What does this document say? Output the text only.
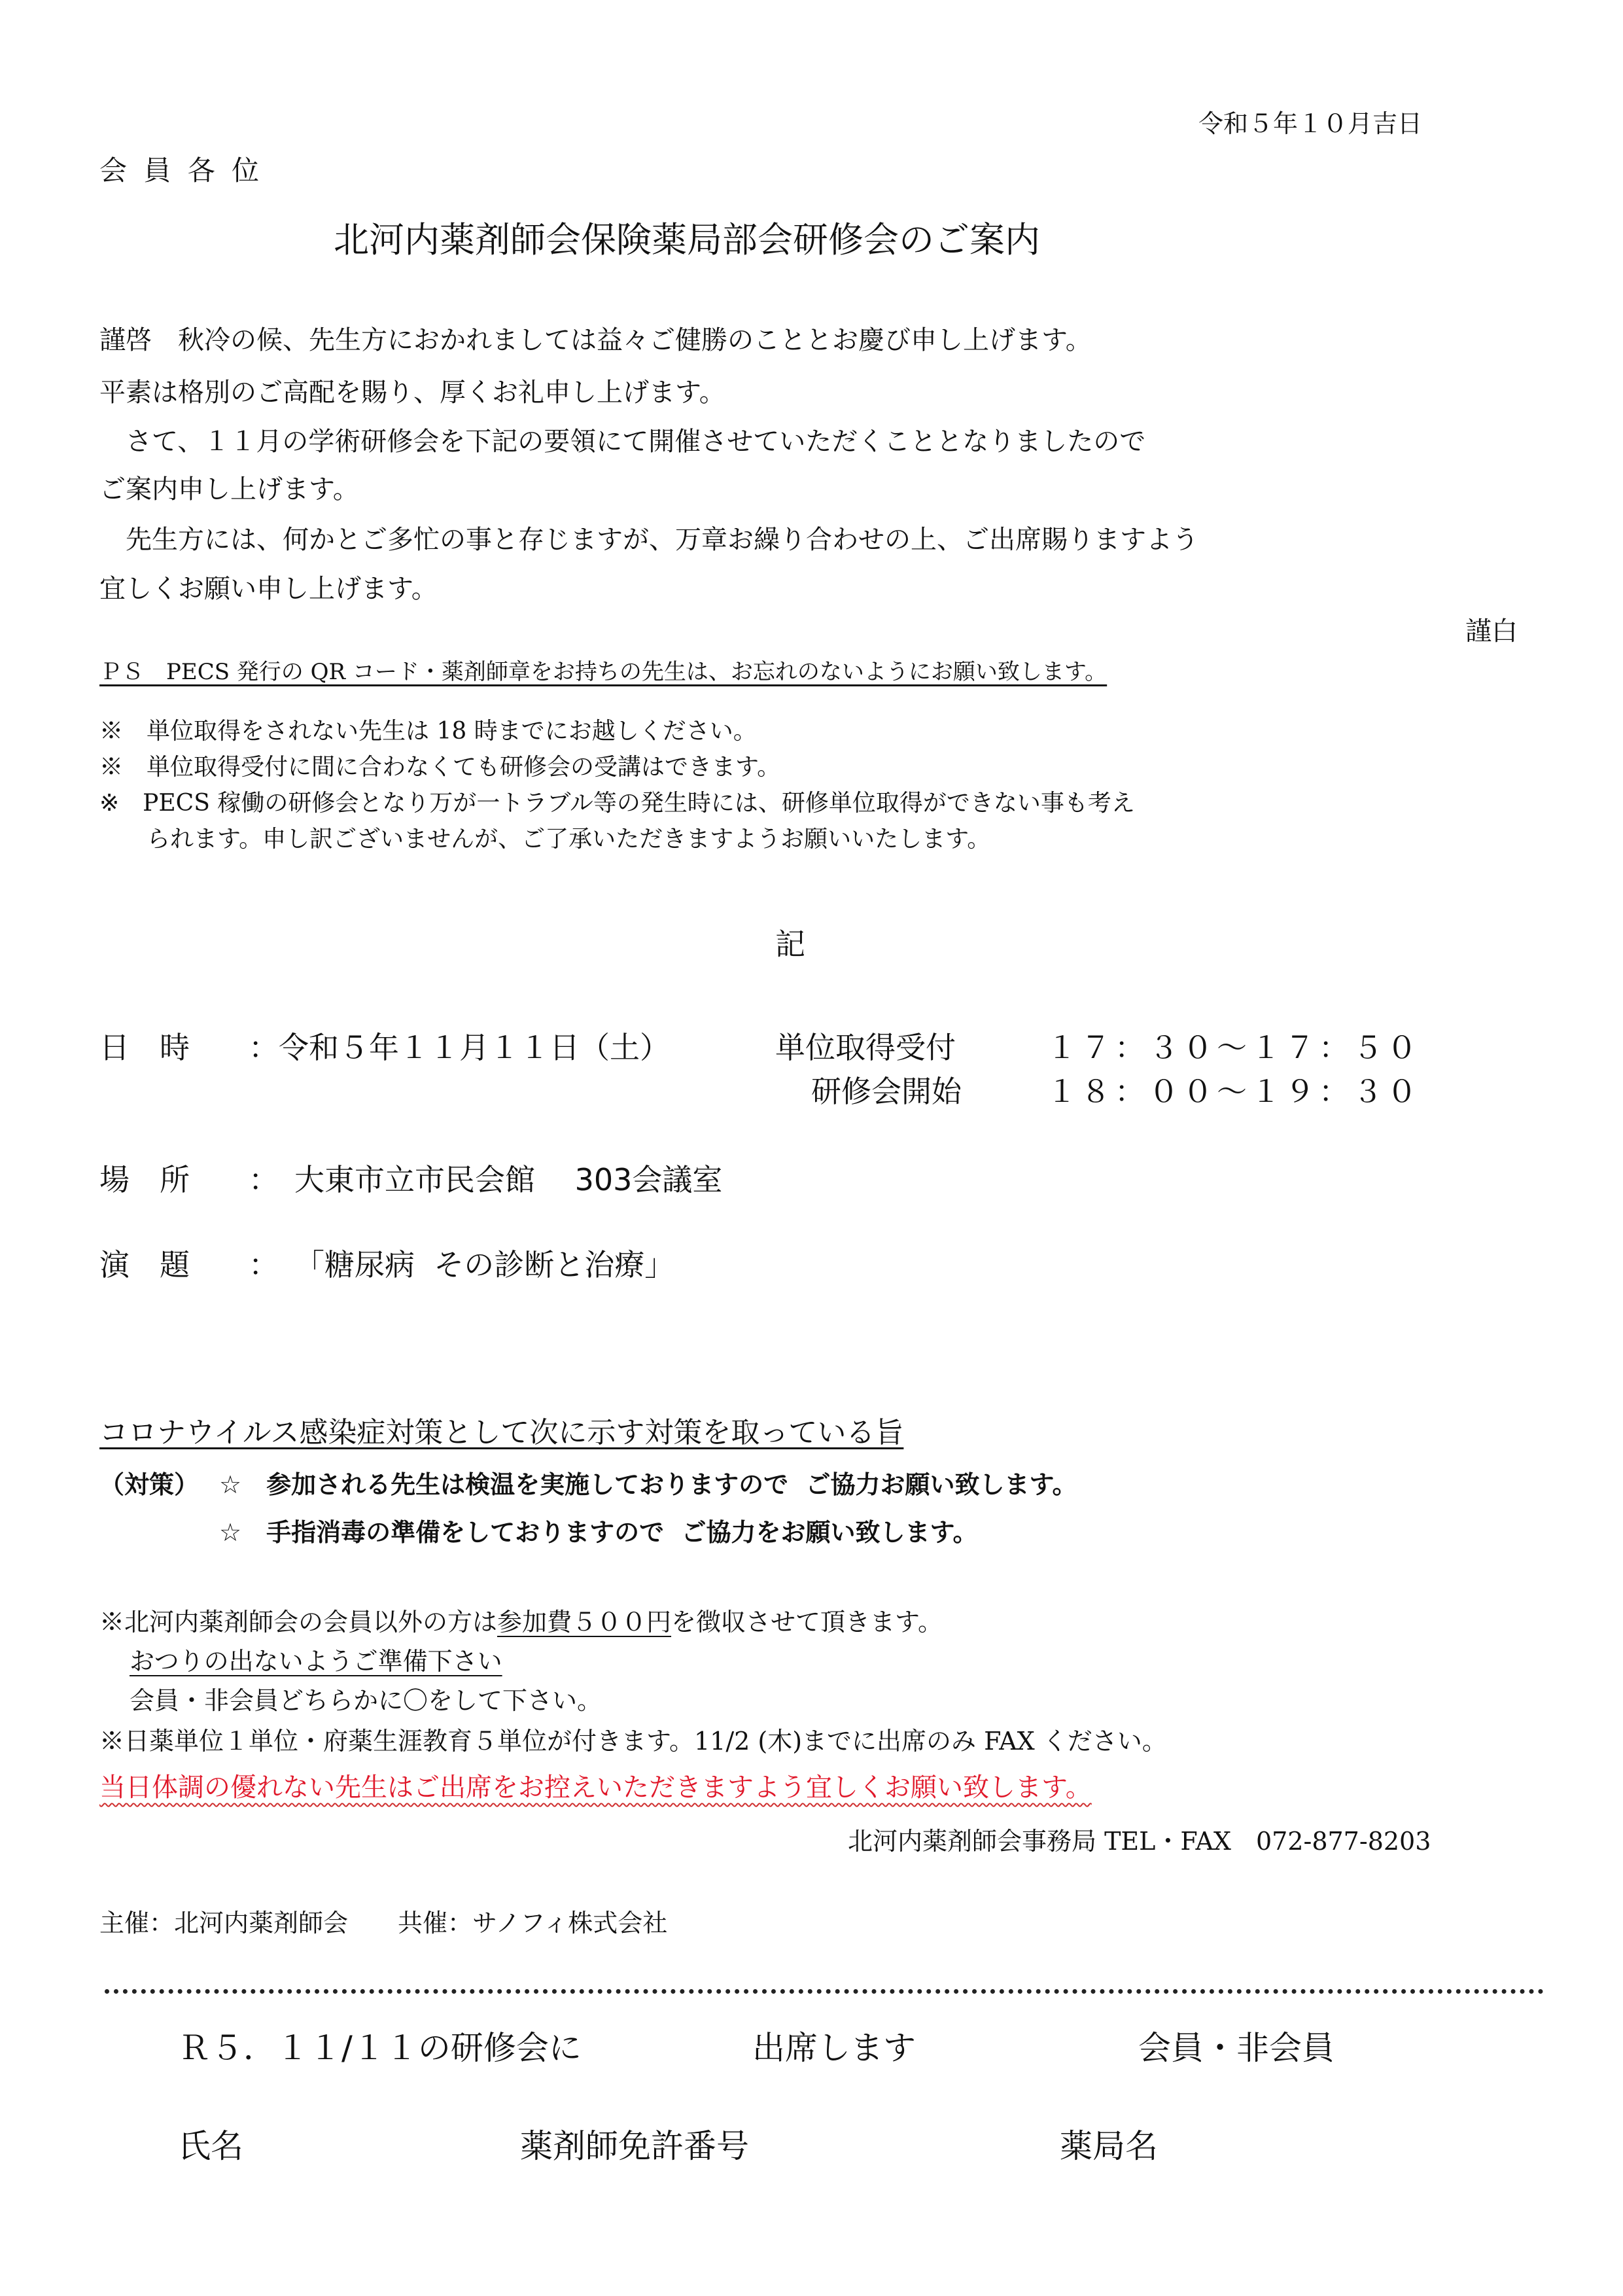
令和５年１０月吉日
会 員 各 位
北河内薬剤師会保険薬局部会研修会のご案内
謹啓　秋冷の候、先生方におかれましては益々ご健勝のこととお慶び申し上げます。
平素は格別のご高配を賜り、厚くお礼申し上げます。
　さて、１１月の学術研修会を下記の要領にて開催させていただくこととなりましたので
ご案内申し上げます。
　先生方には、何かとご多忙の事と存じますが、万章お繰り合わせの上、ご出席賜りますよう
宜しくお願い申し上げます。
謹白
ＰＳ　PECS 発行の QR コード・薬剤師章をお持ちの先生は、お忘れのないようにお願い致します。
※　単位取得をされない先生は 18 時までにお越しください。
※　単位取得受付に間に合わなくても研修会の受講はできます。
※　PECS 稼働の研修会となり万が一トラブル等の発生時には、研修単位取得ができない事も考え
　　られます。申し訳ございませんが、ご了承いただきますようお願いいたします。
記
日　時 ：令和５年１１月１１日（土）	単位取得受付	１７：３０～１７：５０
研修会開始	１８：００～１９：３０
場　所 ： 大東市立市民会館　 303会議室
演　題 ： 「糖尿病  その診断と治療」
コロナウイルス感染症対策として次に示す対策を取っている旨
（対策） ☆　参加される先生は検温を実施しておりますので  ご協力お願い致します。
☆　手指消毒の準備をしておりますので  ご協力をお願い致します。
※北河内薬剤師会の会員以外の方は参加費５００円を徴収させて頂きます。
おつりの出ないようご準備下さい
会員・非会員どちらかに〇をして下さい。
※日薬単位１単位・府薬生涯教育５単位が付きます。11/2 (木)までに出席のみ FAX ください。
当日体調の優れない先生はご出席をお控えいただきますよう宜しくお願い致します。
北河内薬剤師会事務局 TEL・FAX　072-877-8203
主催：北河内薬剤師会　　共催：サノフィ株式会社
Ｒ５．１１/１１の研修会に	出席します	会員・非会員
氏名	薬剤師免許番号	薬局名
